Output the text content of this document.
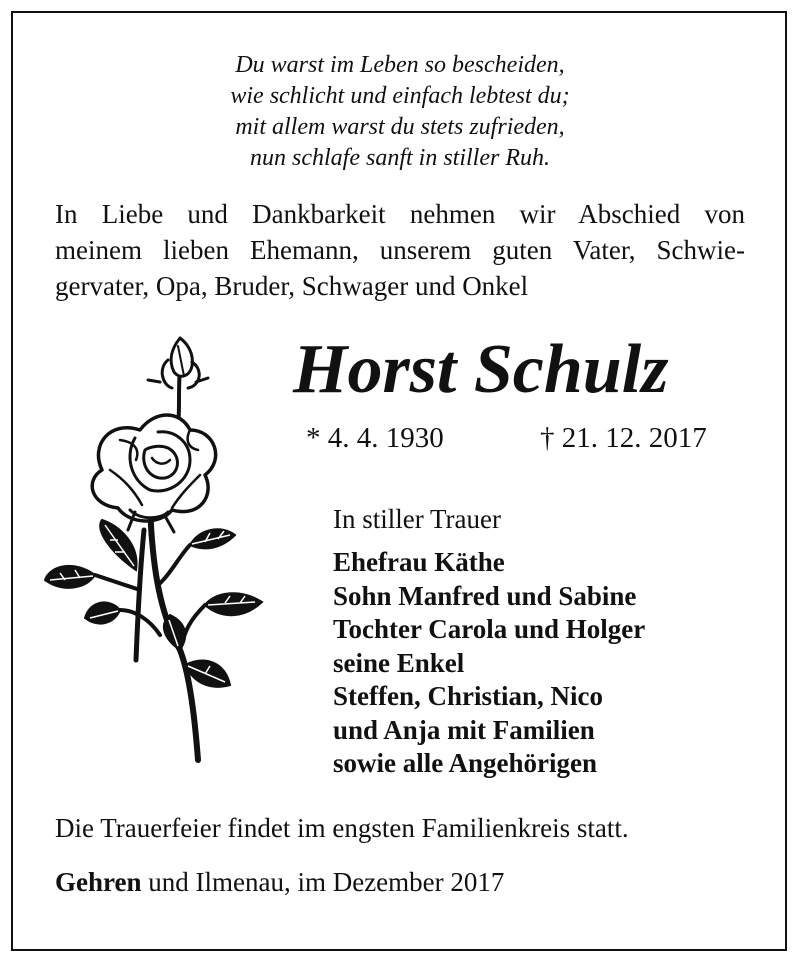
Du warst im Leben so bescheiden,
wie schlicht und einfach lebtest du;
mit allem warst du stets zufrieden,
nun schlafe sanft in stiller Ruh.
In Liebe und Dankbarkeit nehmen wir Abschied von
meinem lieben Ehemann, unserem guten Vater, Schwie-
gervater, Opa, Bruder, Schwager und Onkel
Horst Schulz
* 4. 4. 1930	† 21. 12. 2017
In stiller Trauer
Ehefrau Käthe
Sohn Manfred und Sabine
Tochter Carola und Holger
seine Enkel
Steffen, Christian, Nico
und Anja mit Familien
sowie alle Angehörigen
Die Trauerfeier findet im engsten Familienkreis statt.
Gehren und Ilmenau, im Dezember 2017
